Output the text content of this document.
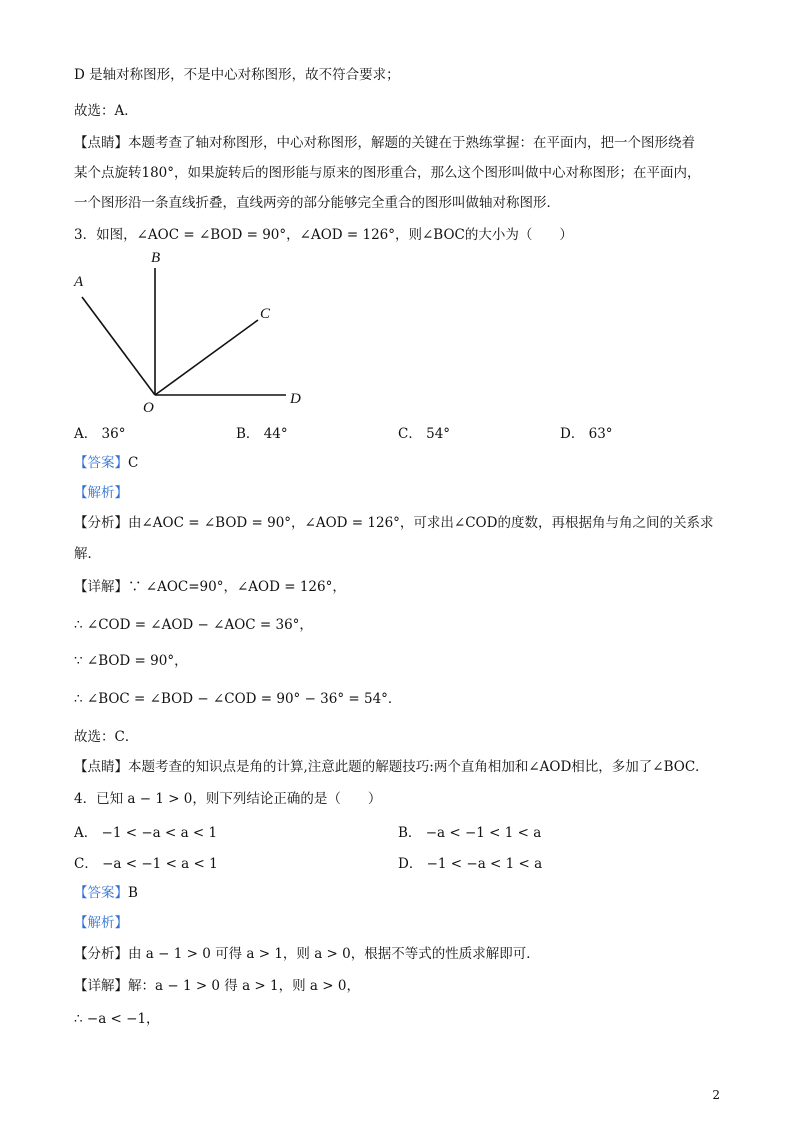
D 是轴对称图形，不是中心对称图形，故不符合要求；
故选：A．
【点睛】本题考查了轴对称图形，中心对称图形，解题的关键在于熟练掌握：在平面内，把一个图形绕着
某个点旋转180°，如果旋转后的图形能与原来的图形重合，那么这个图形叫做中心对称图形；在平面内，
一个图形沿一条直线折叠，直线两旁的部分能够完全重合的图形叫做轴对称图形．
3．如图，∠AOC = ∠BOD = 90°，∠AOD = 126°，则∠BOC的大小为（　　）
A
B
C
D
O
A． 36°	B． 44°	C． 54°	D． 63°
【答案】C
【解析】
【分析】由∠AOC = ∠BOD = 90°，∠AOD = 126°，可求出∠COD的度数，再根据角与角之间的关系求
解．
【详解】∵ ∠AOC=90°，∠AOD = 126°，
∴ ∠COD = ∠AOD − ∠AOC = 36°，
∵ ∠BOD = 90°，
∴ ∠BOC = ∠BOD − ∠COD = 90° − 36° = 54°．
故选：C．
【点睛】本题考查的知识点是角的计算,注意此题的解题技巧:两个直角相加和∠AOD相比，多加了∠BOC．
4．已知 a − 1 > 0，则下列结论正确的是（　　）
A． −1 < −a < a < 1	B． −a < −1 < 1 < a
C． −a < −1 < a < 1	D． −1 < −a < 1 < a
【答案】B
【解析】
【分析】由 a − 1 > 0 可得 a > 1，则 a > 0，根据不等式的性质求解即可．
【详解】解：a − 1 > 0 得 a > 1，则 a > 0，
∴ −a < −1，
2
